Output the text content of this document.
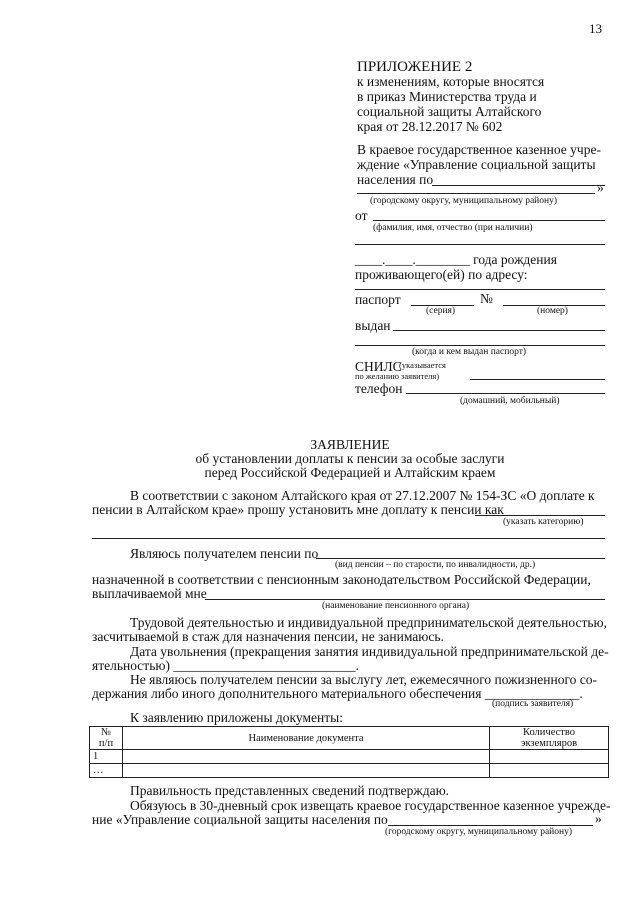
13
ПРИЛОЖЕНИЕ 2
к изменениям, которые вносятся
в приказ Министерства труда и
социальной защиты Алтайского
края от 28.12.2017 № 602
В краевое государственное казенное учре-
ждение «Управление социальной защиты
населения по
»
(городскому округу, муниципальному району)
от
(фамилия, имя, отчество (при наличии)
____.____.________ года рождения
проживающего(ей) по адресу:
паспорт	№
(серия)	(номер)
выдан
(когда и кем выдан паспорт)
СНИЛС
(указывается
по желанию заявителя)
телефон
(домашний, мобильный)
ЗАЯВЛЕНИЕ
об установлении доплаты к пенсии за особые заслуги
перед Российской Федерацией и Алтайским краем
В соответствии с законом Алтайского края от 27.12.2007 № 154-ЗС «О доплате к
пенсии в Алтайском крае» прошу установить мне доплату к пенсии как
(указать категорию)
Являюсь получателем пенсии по
(вид пенсии – по старости, по инвалидности, др.)
назначенной в соответствии с пенсионным законодательством Российской Федерации,
выплачиваемой мне
(наименование пенсионного органа)
Трудовой деятельностью и индивидуальной предпринимательской деятельностью,
засчитываемой в стаж для назначения пенсии, не занимаюсь.
Дата увольнения (прекращения занятия индивидуальной предпринимательской де-
ятельностью) ___________________________.
Не являюсь получателем пенсии за выслугу лет, ежемесячного пожизненного со-
держания либо иного дополнительного материального обеспечения ______________.
(подпись заявителя)
К заявлению приложены документы:
№
п/п	Наименование документа	Количество
экземпляров
1		
…		
Правильность представленных сведений подтверждаю.
Обязуюсь в 30-дневный срок извещать краевое государственное казенное учрежде-
ние «Управление социальной защиты населения по	»
(городскому округу, муниципальному району)
